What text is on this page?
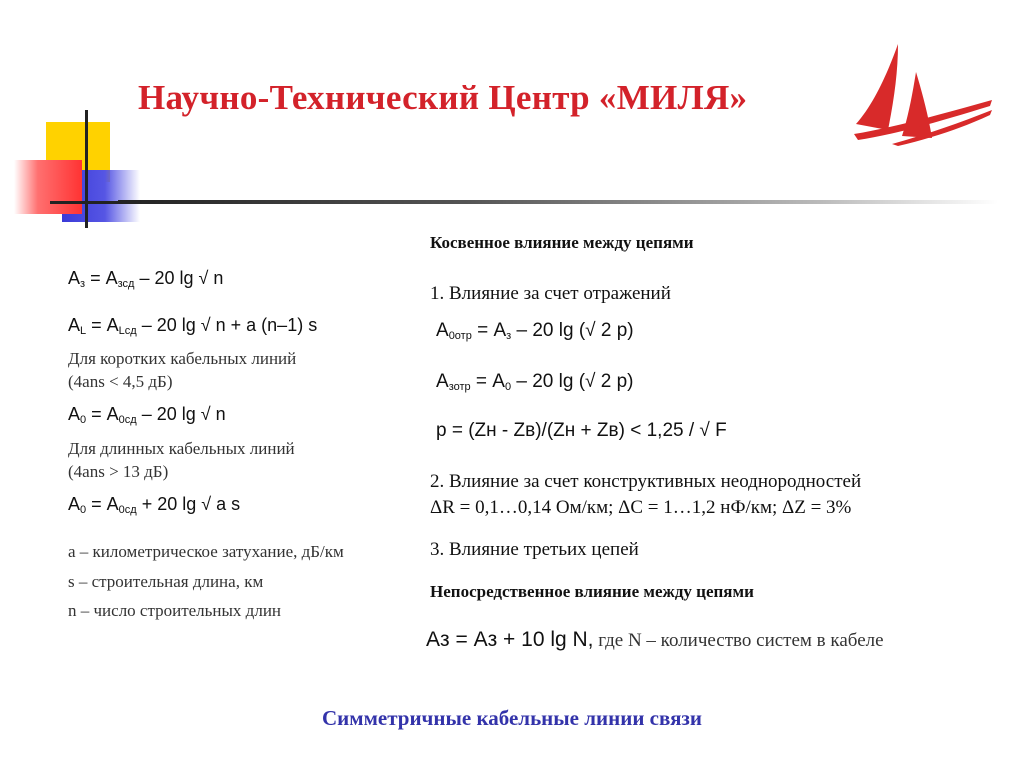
Научно-Технический Центр «МИЛЯ»
$А_з = А_{зсд} - 20$ lg √ n
$А_L = А_{Lсд} - 20$ lg √ n + a (n–1) s
Для коротких кабельных линий
(4ans < 4,5 дБ)
$А_0 = А_{0сд} - 20$ lg √ n
Для длинных кабельных линий
(4ans > 13 дБ)
$А_0 = А_{0сд} + 20$ lg √ a s
a – километрическое затухание, дБ/км
s – строительная длина, км
n – число строительных длин
Косвенное влияние между цепями
1. Влияние за счет отражений
$А_{0отр} = А_з - 20$ lg (√ 2 p)
$А_{зотр} = А_0 - 20$ lg (√ 2 p)
p = (Zн - Zв)/(Zн + Zв) < 1,25 / √ F
2. Влияние за счет конструктивных неоднородностей
ΔR = 0,1…0,14 Ом/км; ΔC = 1…1,2 нФ/км; ΔZ = 3%
3. Влияние третьих цепей
Непосредственное влияние между цепями
Аз = Аз + 10 lg N, где N – количество систем в кабеле
Симметричные кабельные линии связи
